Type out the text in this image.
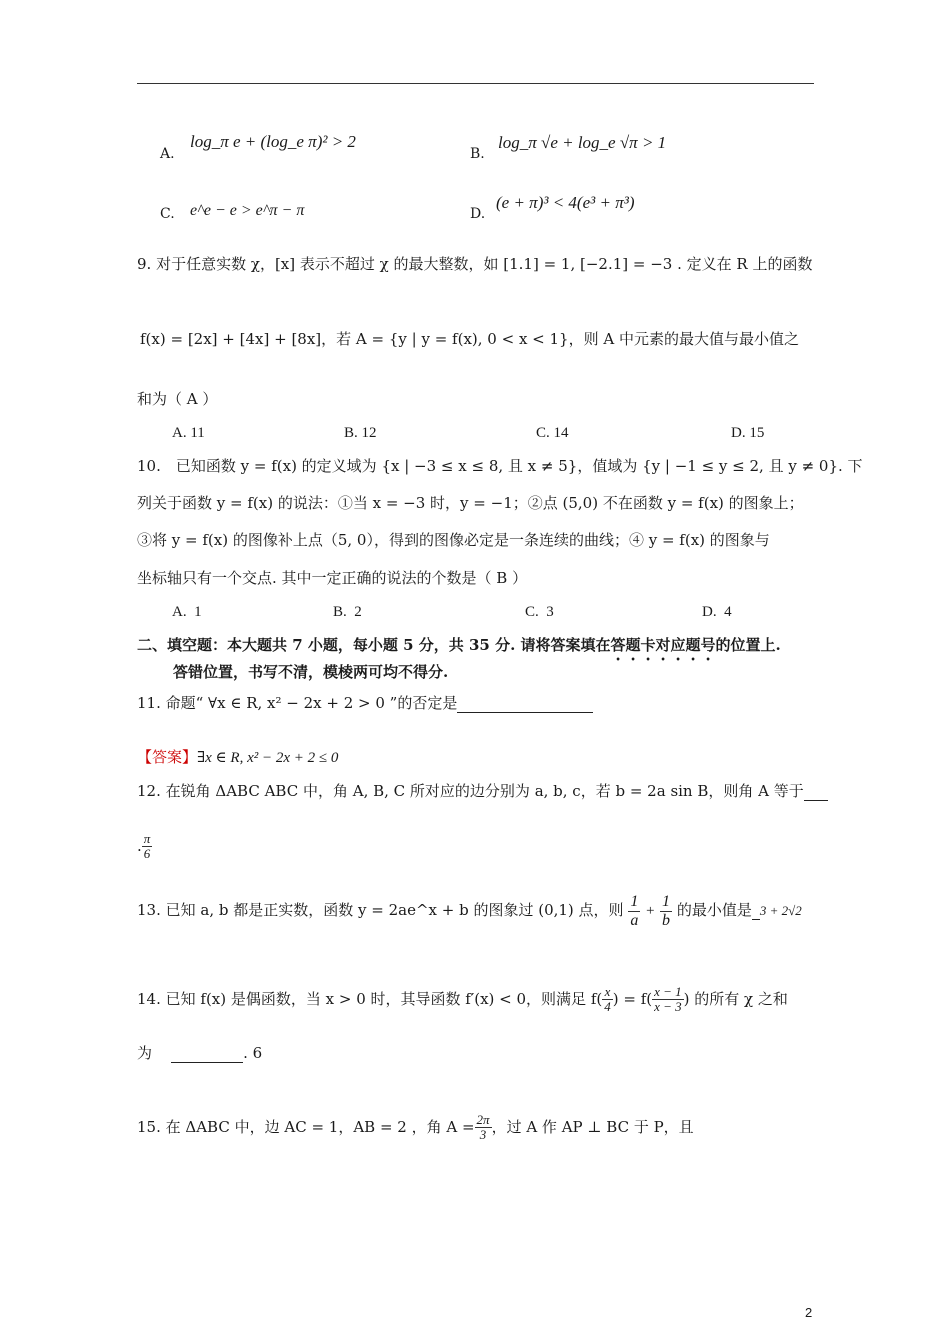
A.
log_π e + (log_e π)² > 2
B.
log_π √e + log_e √π > 1
C. e^e − e > e^π − π	D.
(e + π)³ < 4(e³ + π³)
9. 对于任意实数 χ，[x] 表示不超过 χ 的最大整数，如 [1.1] = 1, [−2.1] = −3 . 定义在 R 上的函数
f(x) = [2x] + [4x] + [8x]，若 A = {y | y = f(x), 0 < x < 1}，则 A 中元素的最大值与最小值之
和为（ A ）
A. 11	B. 12	C. 14	D. 15
10.　已知函数 y = f(x) 的定义域为 {x | −3 ≤ x ≤ 8, 且 x ≠ 5}，值域为 {y | −1 ≤ y ≤ 2, 且 y ≠ 0}. 下
列关于函数 y = f(x) 的说法：①当 x = −3 时，y = −1；②点 (5,0) 不在函数 y = f(x) 的图象上；
③将 y = f(x) 的图像补上点（5, 0），得到的图像必定是一条连续的曲线；④ y = f(x) 的图象与
坐标轴只有一个交点. 其中一定正确的说法的个数是（ B ）
A. 1	B. 2	C. 3	D. 4
二、填空题：本大题共 7 小题，每小题 5 分，共 35 分. 请将答案填在答题卡对应题号的位置上.
答错位置，书写不清，模棱两可均不得分.
11. 命题“ ∀x ∈ R, x² − 2x + 2 > 0 ”的否定是
【答案】∃x ∈ R, x² − 2x + 2 ≤ 0
12. 在锐角 ΔABC ABC 中，角 A, B, C 所对应的边分别为 a, b, c，若 b = 2a sin B，则角 A 等于
. $\frac{\pi}{6}$
13. 已知 a, b 都是正实数，函数 y = 2ae^x + b 的图象过 (0,1) 点，则 $\frac{1}{a} + \frac{1}{b}$ 的最小值是 3 + 2√2
14. 已知 f(x) 是偶函数，当 x > 0 时，其导函数 f′(x) < 0，则满足 $f( \frac{x}{4}$ ) = $f( \frac{x - 1}{x - 3}$ ) 的所有 χ 之和
为	. 6
15. 在 ΔABC 中，边 AC = 1，AB = 2 ，角 $A = \frac{2\pi}{3}$ ，过 A 作 AP ⊥ BC 于 P，且
2
